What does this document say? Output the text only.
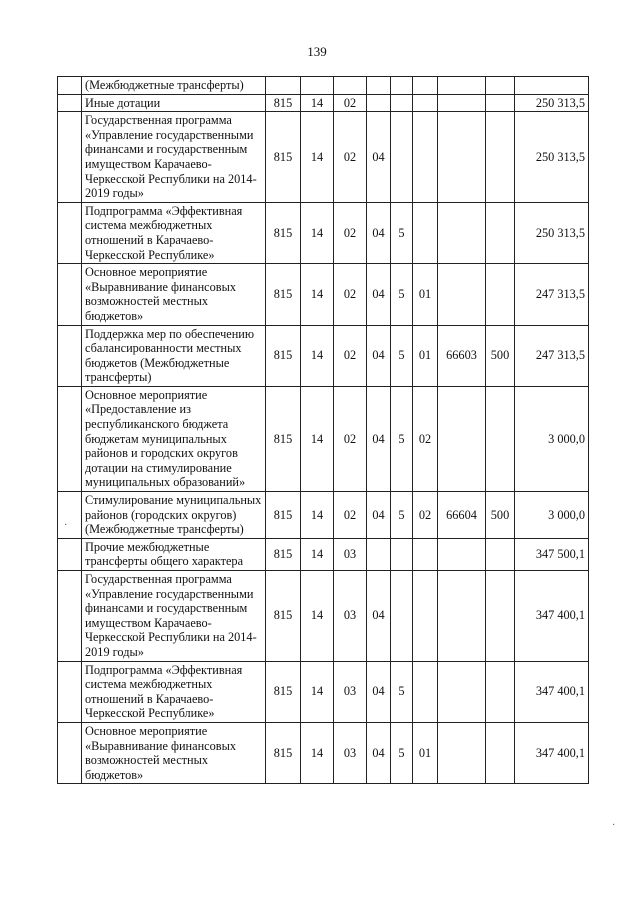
139
	(Межбюджетные трансферты)									
	Иные дотации	815	14	02						250 313,5
	Государственная программа «Управление государственными финансами и государственным имуществом Карачаево-Черкесской Республики на 2014-2019 годы»	815	14	02	04					250 313,5
	Подпрограмма «Эффективная система межбюджетных отношений в Карачаево-Черкесской Республике»	815	14	02	04	5				250 313,5
	Основное мероприятие «Выравнивание финансовых возможностей местных бюджетов»	815	14	02	04	5	01			247 313,5
	Поддержка мер по обеспечению сбалансированности местных бюджетов (Межбюджетные трансферты)	815	14	02	04	5	01	66603	500	247 313,5
	Основное мероприятие «Предоставление из республиканского бюджета бюджетам муниципальных районов и городских округов дотации на стимулирование муниципальных образований»	815	14	02	04	5	02			3 000,0
	Стимулирование муниципальных районов (городских округов) (Межбюджетные трансферты)	815	14	02	04	5	02	66604	500	3 000,0
	Прочие межбюджетные трансферты общего характера	815	14	03						347 500,1
	Государственная программа «Управление государственными финансами и государственным имуществом Карачаево-Черкесской Республики на 2014-2019 годы»	815	14	03	04					347 400,1
	Подпрограмма «Эффективная система межбюджетных отношений в Карачаево-Черкесской Республике»	815	14	03	04	5				347 400,1
	Основное мероприятие «Выравнивание финансовых возможностей местных бюджетов»	815	14	03	04	5	01			347 400,1
·
·
